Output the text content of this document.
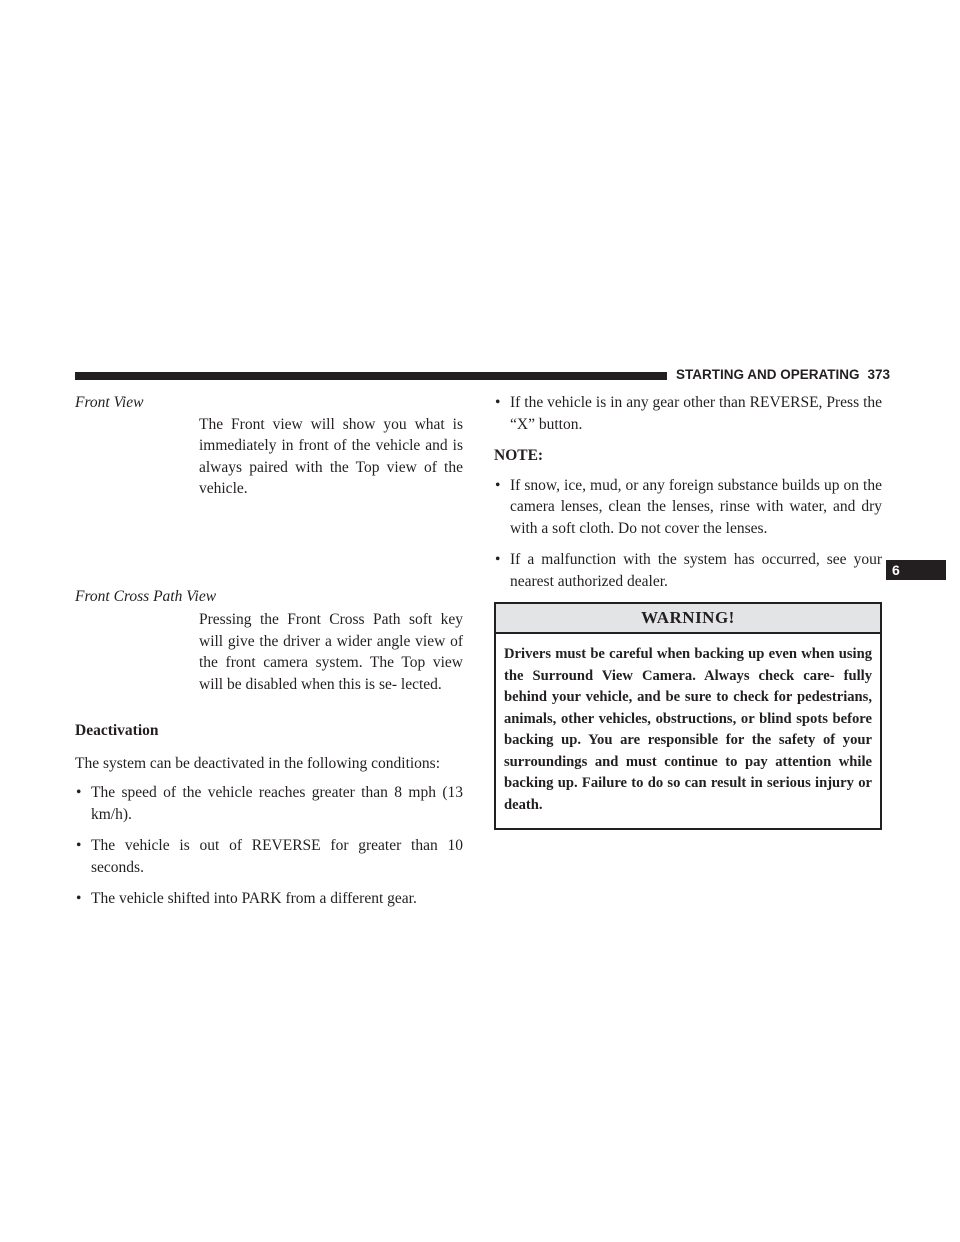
STARTING AND OPERATING 373

Front View

The Front view will show you what is immediately in front of the vehicle and is always paired with the Top view of the vehicle.

Front Cross Path View

Pressing the Front Cross Path soft key will give the driver a wider angle view of the front camera system. The Top view will be disabled when this is se- lected.

Deactivation

The system can be deactivated in the following conditions:

• The speed of the vehicle reaches greater than 8 mph (13 km/h).
• The vehicle is out of REVERSE for greater than 10 seconds.
• The vehicle shifted into PARK from a different gear.
• If the vehicle is in any gear other than REVERSE, Press the “X” button.

NOTE:

• If snow, ice, mud, or any foreign substance builds up on the camera lenses, clean the lenses, rinse with water, and dry with a soft cloth. Do not cover the lenses.
• If a malfunction with the system has occurred, see your nearest authorized dealer.
WARNING!
Drivers must be careful when backing up even when using the Surround View Camera. Always check care- fully behind your vehicle, and be sure to check for pedestrians, animals, other vehicles, obstructions, or blind spots before backing up. You are responsible for the safety of your surroundings and must continue to pay attention while backing up. Failure to do so can result in serious injury or death.
6
